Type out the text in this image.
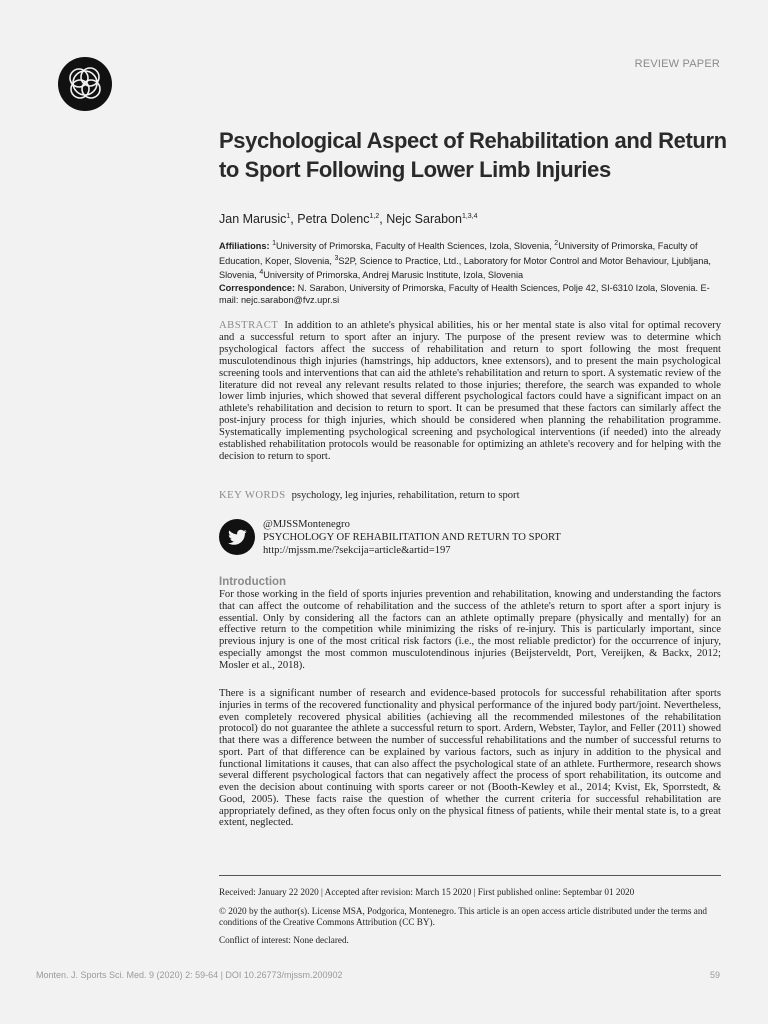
REVIEW PAPER
Psychological Aspect of Rehabilitation and Return to Sport Following Lower Limb Injuries
Jan Marusic$^1$, Petra Dolenc$^{1,2}$, Nejc Sarabon$^{1,3,4}$
Affiliations: $^1$University of Primorska, Faculty of Health Sciences, Izola, Slovenia, $^2$University of Primorska, Faculty of Education, Koper, Slovenia, $^3$S2P, Science to Practice, Ltd., Laboratory for Motor Control and Motor Behaviour, Ljubljana, Slovenia, $^4$University of Primorska, Andrej Marusic Institute, Izola, Slovenia
Correspondence: N. Sarabon, University of Primorska, Faculty of Health Sciences, Polje 42, SI-6310 Izola, Slovenia. E-mail: nejc.sarabon@fvz.upr.si
ABSTRACT In addition to an athlete's physical abilities, his or her mental state is also vital for optimal recovery and a successful return to sport after an injury. The purpose of the present review was to determine which psychological factors affect the success of rehabilitation and return to sport following the most frequent musculotendinous thigh injuries (hamstrings, hip adductors, knee extensors), and to present the main psychological screening tools and interventions that can aid the athlete's rehabilitation and return to sport. A systematic review of the literature did not reveal any relevant results related to those injuries; therefore, the search was expanded to whole lower limb injuries, which showed that several different psychological factors could have a significant impact on an athlete's rehabilitation and decision to return to sport. It can be presumed that these factors can similarly affect the post-injury process for thigh injuries, which should be considered when planning the rehabilitation programme. Systematically implementing psychological screening and psychological interventions (if needed) into the already established rehabilitation protocols would be reasonable for optimizing an athlete's recovery and for helping with the decision to return to sport.
KEY WORDS psychology, leg injuries, rehabilitation, return to sport
@MJSSMontenegro
PSYCHOLOGY OF REHABILITATION AND RETURN TO SPORT
http://mjssm.me/?sekcija=article&artid=197
Introduction

For those working in the field of sports injuries prevention and rehabilitation, knowing and understanding the factors that can affect the outcome of rehabilitation and the success of the athlete's return to sport after a sport injury is essential. Only by considering all the factors can an athlete optimally prepare (physically and mentally) for an effective return to the competition while minimizing the risks of re-injury. This is particularly important, since previous injury is one of the most critical risk factors (i.e., the most reliable predictor) for the occurrence of injury, especially amongst the most common musculotendinous injuries (Beijsterveldt, Port, Vereijken, & Backx, 2012; Mosler et al., 2018).

There is a significant number of research and evidence-based protocols for successful rehabilitation after sports injuries in terms of the recovered functionality and physical performance of the injured body part/joint. Nevertheless, even completely recovered physical abilities (achieving all the recommended milestones of the rehabilitation protocol) do not guarantee the athlete a successful return to sport. Ardern, Webster, Taylor, and Feller (2011) showed that there was a difference between the number of successful rehabilitations and the number of successful returns to sport. Part of that difference can be explained by various factors, such as injury in addition to the physical and functional limitations it causes, that can also affect the psychological state of an athlete. Furthermore, research shows several different psychological factors that can negatively affect the process of sport rehabilitation, its outcome and even the decision about continuing with sports career or not (Booth-Kewley et al., 2014; Kvist, Ek, Sporrstedt, & Good, 2005). These facts raise the question of whether the current criteria for successful rehabilitation are appropriately defined, as they often focus only on the physical fitness of patients, while their mental state is, to a great extent, neglected.

Received: January 22 2020 | Accepted after revision: March 15 2020 | First published online: Septembar 01 2020

© 2020 by the author(s). License MSA, Podgorica, Montenegro. This article is an open access article distributed under the terms and conditions of the Creative Commons Attribution (CC BY).

Conflict of interest: None declared.

Monten. J. Sports Sci. Med. 9 (2020) 2: 59-64 | DOI 10.26773/mjssm.200902	59
